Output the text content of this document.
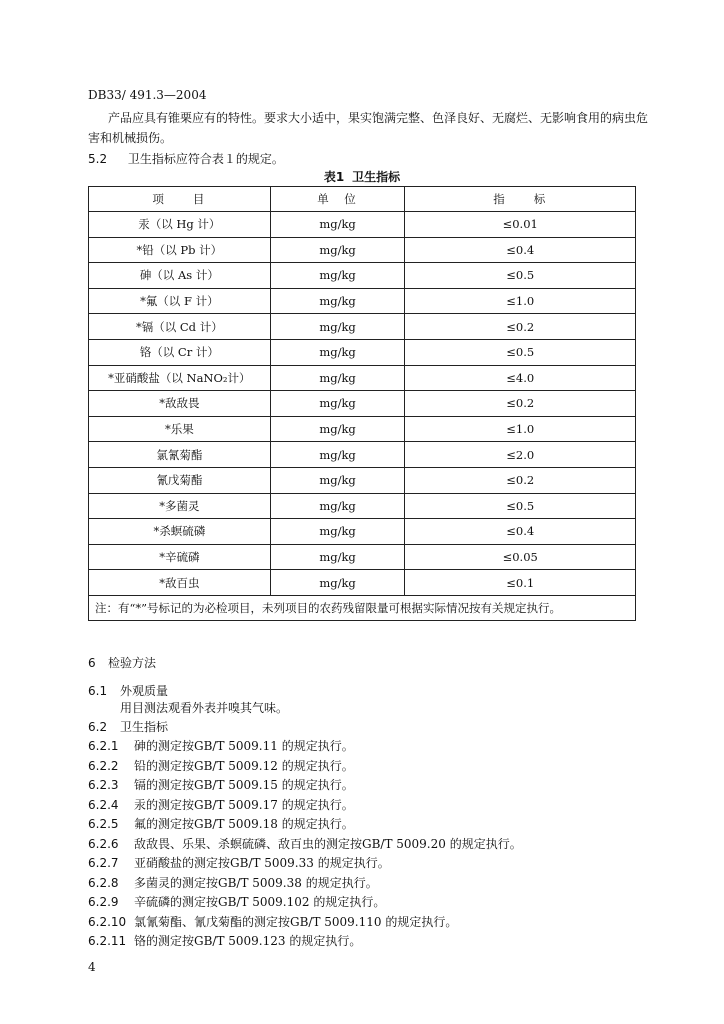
DB33/ 491.3—2004

产品应具有锥栗应有的特性。要求大小适中，果实饱满完整、色泽良好、无腐烂、无影响食用的病虫危害和机械损伤。

5.2 卫生指标应符合表１的规定。
表1 卫生指标
项　　目	单　位	指　　标
汞（以 Hg 计）	mg/kg	≤0.01
*铅（以 Pb 计）	mg/kg	≤0.4
砷（以 As 计）	mg/kg	≤0.5
*氟（以 F 计）	mg/kg	≤1.0
*镉（以 Cd 计）	mg/kg	≤0.2
铬（以 Cr 计）	mg/kg	≤0.5
*亚硝酸盐（以 NaNO₂计）	mg/kg	≤4.0
*敌敌畏	mg/kg	≤0.2
*乐果	mg/kg	≤1.0
氯氰菊酯	mg/kg	≤2.0
氰戊菊酯	mg/kg	≤0.2
*多菌灵	mg/kg	≤0.5
*杀螟硫磷	mg/kg	≤0.4
*辛硫磷	mg/kg	≤0.05
*敌百虫	mg/kg	≤0.1
注：有“*”号标记的为必检项目，未列项目的农药残留限量可根据实际情况按有关规定执行。		
6 检验方法
6.1 外观质量
用目测法观看外表并嗅其气味。
6.2 卫生指标
6.2.1 砷的测定按GB/T 5009.11 的规定执行。
6.2.2 铅的测定按GB/T 5009.12 的规定执行。
6.2.3 镉的测定按GB/T 5009.15 的规定执行。
6.2.4 汞的测定按GB/T 5009.17 的规定执行。
6.2.5 氟的测定按GB/T 5009.18 的规定执行。
6.2.6 敌敌畏、乐果、杀螟硫磷、敌百虫的测定按GB/T 5009.20 的规定执行。
6.2.7 亚硝酸盐的测定按GB/T 5009.33 的规定执行。
6.2.8 多菌灵的测定按GB/T 5009.38 的规定执行。
6.2.9 辛硫磷的测定按GB/T 5009.102 的规定执行。
6.2.10 氯氰菊酯、氰戊菊酯的测定按GB/T 5009.110 的规定执行。
6.2.11 铬的测定按GB/T 5009.123 的规定执行。
4
